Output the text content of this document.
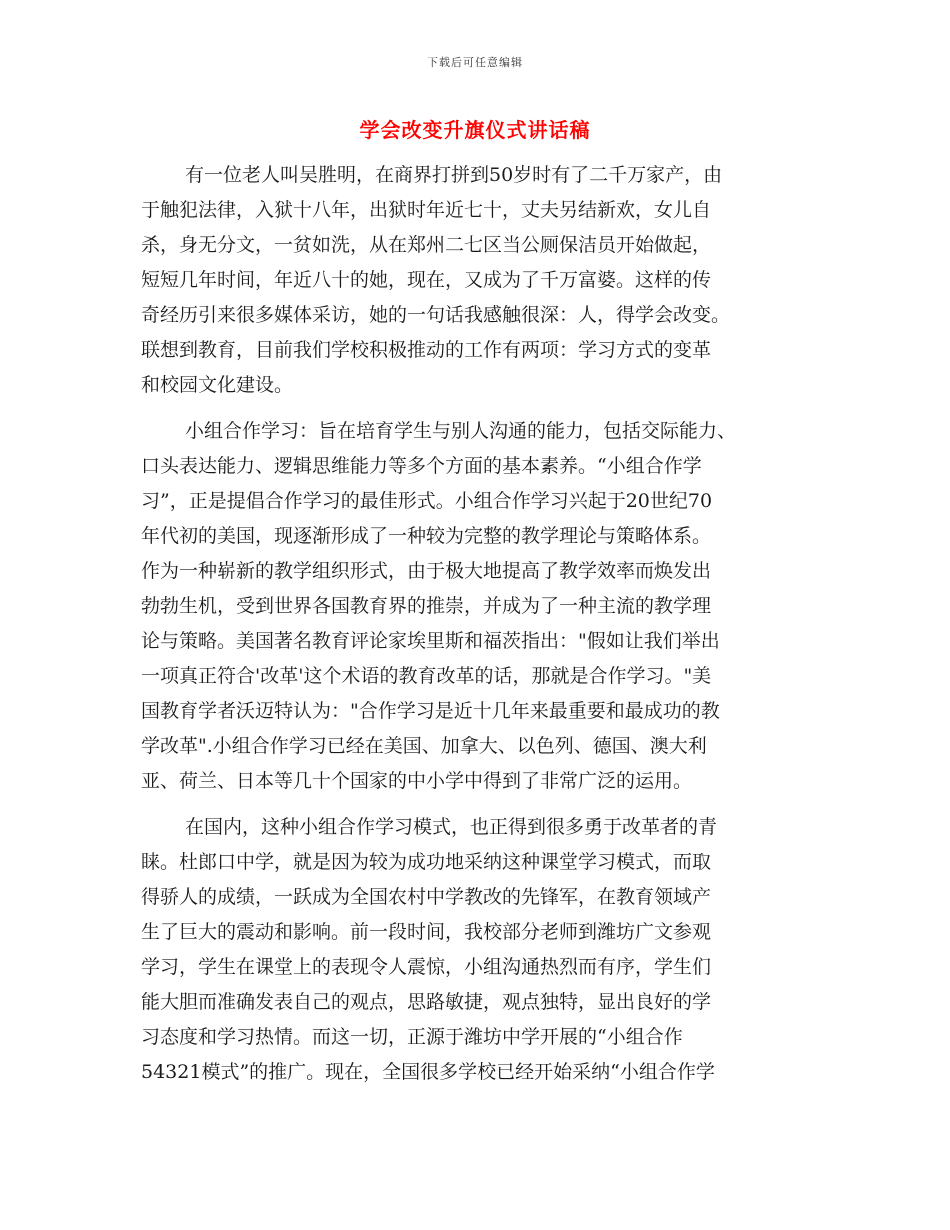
下载后可任意编辑
学会改变升旗仪式讲话稿
有一位老人叫吴胜明，在商界打拼到50岁时有了二千万家产，由
于触犯法律，入狱十八年，出狱时年近七十，丈夫另结新欢，女儿自
杀，身无分文，一贫如洗，从在郑州二七区当公厕保洁员开始做起，
短短几年时间，年近八十的她，现在，又成为了千万富婆。这样的传
奇经历引来很多媒体采访，她的一句话我感触很深：人，得学会改变。
联想到教育，目前我们学校积极推动的工作有两项：学习方式的变革
和校园文化建设。
小组合作学习：旨在培育学生与别人沟通的能力，包括交际能力、
口头表达能力、逻辑思维能力等多个方面的基本素养。“小组合作学
习”，正是提倡合作学习的最佳形式。小组合作学习兴起于20世纪70
年代初的美国，现逐渐形成了一种较为完整的教学理论与策略体系。
作为一种崭新的教学组织形式，由于极大地提高了教学效率而焕发出
勃勃生机，受到世界各国教育界的推崇，并成为了一种主流的教学理
论与策略。美国著名教育评论家埃里斯和福茨指出："假如让我们举出
一项真正符合'改革'这个术语的教育改革的话，那就是合作学习。"美
国教育学者沃迈特认为："合作学习是近十几年来最重要和最成功的教
学改革".小组合作学习已经在美国、加拿大、以色列、德国、澳大利
亚、荷兰、日本等几十个国家的中小学中得到了非常广泛的运用。
在国内，这种小组合作学习模式，也正得到很多勇于改革者的青
睐。杜郎口中学，就是因为较为成功地采纳这种课堂学习模式，而取
得骄人的成绩，一跃成为全国农村中学教改的先锋军，在教育领域产
生了巨大的震动和影响。前一段时间，我校部分老师到潍坊广文参观
学习，学生在课堂上的表现令人震惊，小组沟通热烈而有序，学生们
能大胆而准确发表自己的观点，思路敏捷，观点独特，显出良好的学
习态度和学习热情。而这一切，正源于潍坊中学开展的“小组合作
54321模式”的推广。现在，全国很多学校已经开始采纳“小组合作学
